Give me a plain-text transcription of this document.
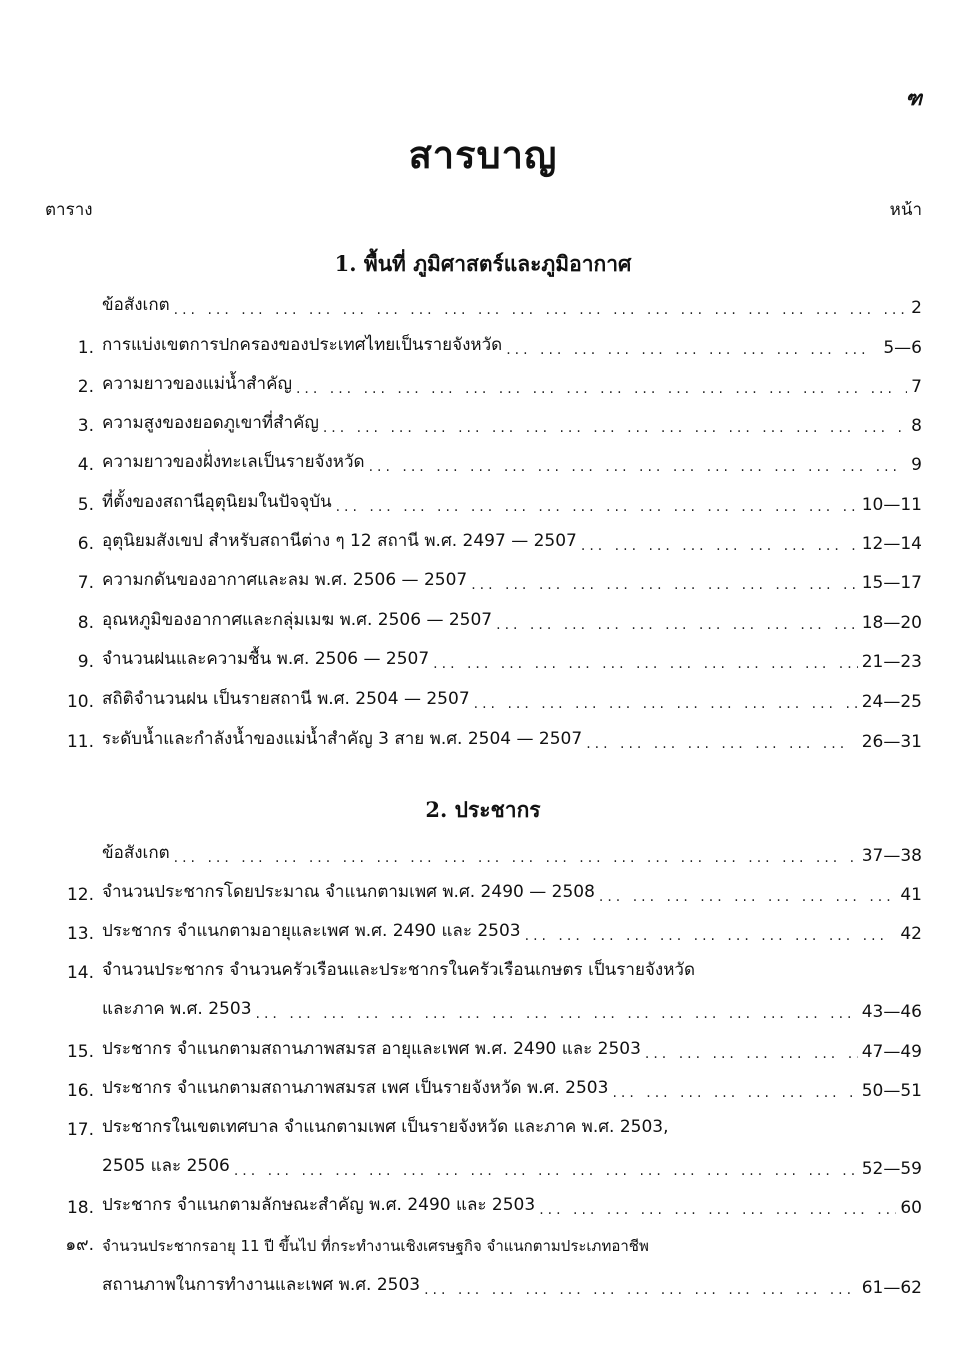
ฑ
สารบาญ
ตาราง	หน้า
1. พื้นที่ ภูมิศาสตร์และภูมิอากาศ
ข้อสังเกต ... .	2
1. การแบ่งเขตการปกครองของประเทศไทยเป็นรายจังหวัด ... .	5—6
2. ความยาวของแม่น้ำสำคัญ ... .	7
3. ความสูงของยอดภูเขาที่สำคัญ ... .	8
4. ความยาวของฝั่งทะเลเป็นรายจังหวัด ... .	9
5. ที่ตั้งของสถานีอุตุนิยมในปัจจุบัน ... .	10—11
6. อุตุนิยมสังเขป สำหรับสถานีต่าง ๆ 12 สถานี พ.ศ. 2497 — 2507 ... .	12—14
7. ความกดันของอากาศและลม พ.ศ. 2506 — 2507 ... .	15—17
8. อุณหภูมิของอากาศและกลุ่มเมฆ พ.ศ. 2506 — 2507 ... .	18—20
9. จำนวนฝนและความชื้น พ.ศ. 2506 — 2507 ... .	21—23
10. สถิติจำนวนฝน เป็นรายสถานี พ.ศ. 2504 — 2507 ... .	24—25
11. ระดับน้ำและกำลังน้ำของแม่น้ำสำคัญ 3 สาย พ.ศ. 2504 — 2507 ... .	26—31
2. ประชากร
ข้อสังเกต ... .	37—38
12. จำนวนประชากรโดยประมาณ จำแนกตามเพศ พ.ศ. 2490 — 2508 ... .	41
13. ประชากร จำแนกตามอายุและเพศ พ.ศ. 2490 และ 2503 ... .	42
14. จำนวนประชากร จำนวนครัวเรือนและประชากรในครัวเรือนเกษตร เป็นรายจังหวัด
และภาค พ.ศ. 2503 ... .	43—46
15. ประชากร จำแนกตามสถานภาพสมรส อายุและเพศ พ.ศ. 2490 และ 2503 ... .	47—49
16. ประชากร จำแนกตามสถานภาพสมรส เพศ เป็นรายจังหวัด พ.ศ. 2503 ... .	50—51
17. ประชากรในเขตเทศบาล จำแนกตามเพศ เป็นรายจังหวัด และภาค พ.ศ. 2503,
2505 และ 2506 ... .	52—59
18. ประชากร จำแนกตามลักษณะสำคัญ พ.ศ. 2490 และ 2503 ... .	60
๑๙. จำนวนประชากรอายุ 11 ปี ขึ้นไป ที่กระทำงานเชิงเศรษฐกิจ จำแนกตามประเภทอาชีพ
สถานภาพในการทำงานและเพศ พ.ศ. 2503 ... .	61—62
